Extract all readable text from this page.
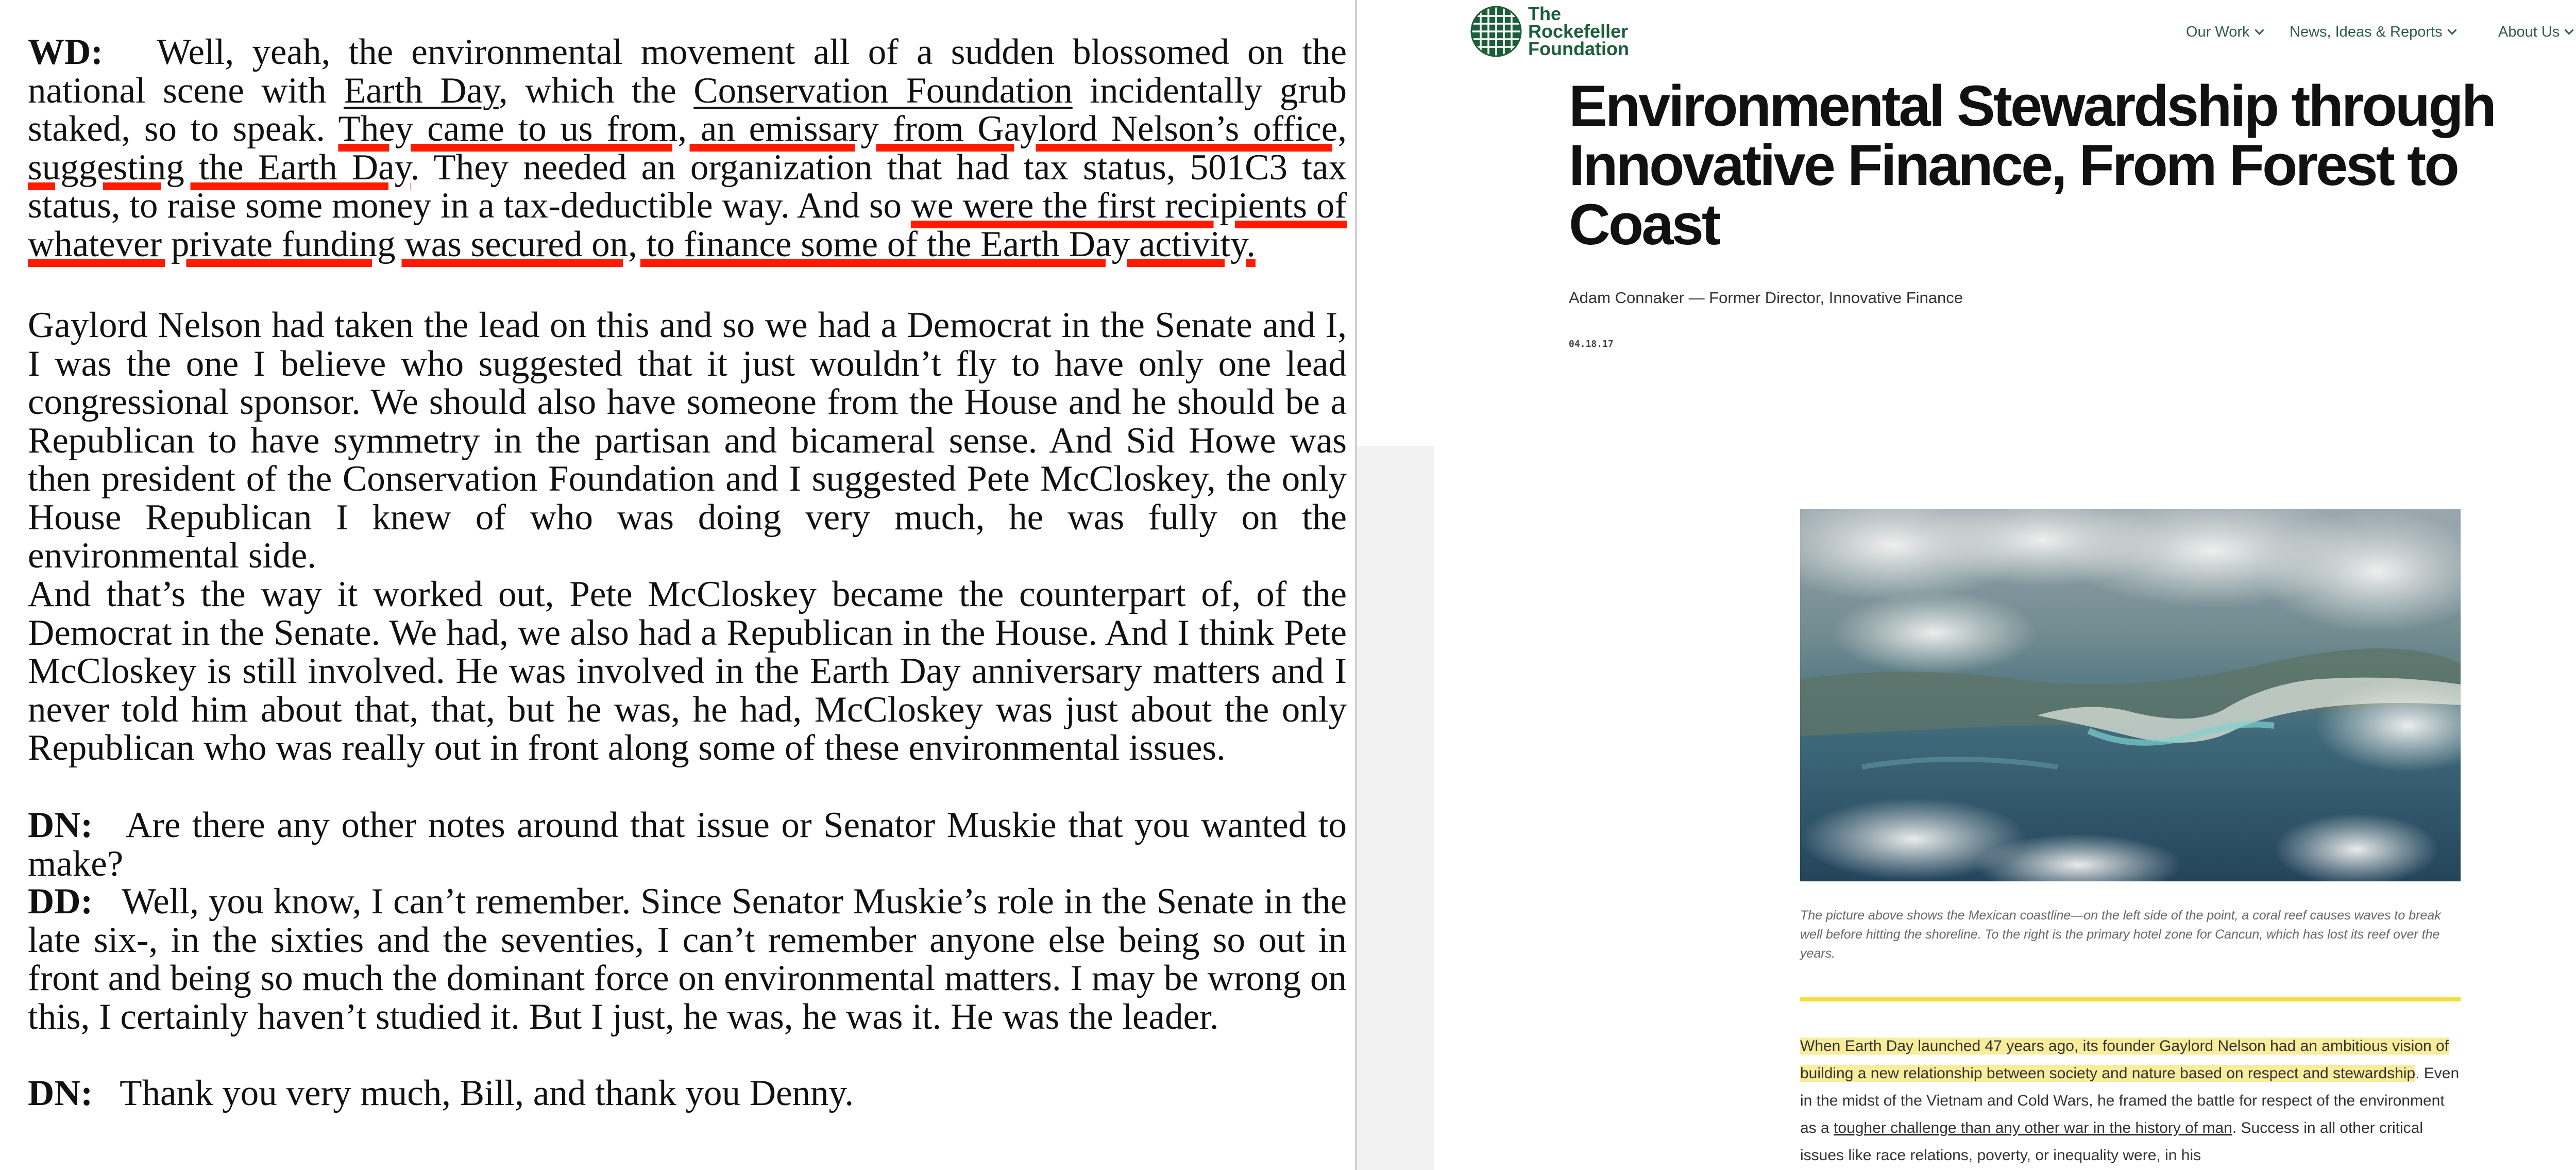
WD: Well, yeah, the environmental movement all of a sudden blossomed on the national scene with Earth Day, which the Conservation Foundation incidentally grub staked, so to speak. They came to us from, an emissary from Gaylord Nelson’s office, suggesting the Earth Day. They needed an organization that had tax status, 501C3 tax status, to raise some money in a tax-deductible way. And so we were the first recipients of whatever private funding was secured on, to finance some of the Earth Day activity.

Gaylord Nelson had taken the lead on this and so we had a Democrat in the Senate and I, I was the one I believe who suggested that it just wouldn’t fly to have only one lead congressional sponsor. We should also have someone from the House and he should be a Republican to have symmetry in the partisan and bicameral sense. And Sid Howe was then president of the Conservation Foundation and I suggested Pete McCloskey, the only House Republican I knew of who was doing very much, he was fully on the environmental side.

And that’s the way it worked out, Pete McCloskey became the counterpart of, of the Democrat in the Senate. We had, we also had a Republican in the House. And I think Pete McCloskey is still involved. He was involved in the Earth Day anniversary matters and I never told him about that, that, but he was, he had, McCloskey was just about the only Republican who was really out in front along some of these environmental issues.

DN: Are there any other notes around that issue or Senator Muskie that you wanted to make?

DD: Well, you know, I can’t remember. Since Senator Muskie’s role in the Senate in the late six-, in the sixties and the seventies, I can’t remember anyone else being so out in front and being so much the dominant force on environmental matters. I may be wrong on this, I certainly haven’t studied it. But I just, he was, he was it. He was the leader.

DN: Thank you very much, Bill, and thank you Denny.

The
Rockefeller
Foundation
Our Work	News, Ideas & Reports	About Us
Environmental Stewardship through Innovative Finance, From Forest to Coast
Adam Connaker — Former Director, Innovative Finance
04.18.17
The picture above shows the Mexican coastline—on the left side of the point, a coral reef causes waves to break well before hitting the shoreline. To the right is the primary hotel zone for Cancun, which has lost its reef over the years.
When Earth Day launched 47 years ago, its founder Gaylord Nelson had an ambitious vision of building a new relationship between society and nature based on respect and stewardship. Even in the midst of the Vietnam and Cold Wars, he framed the battle for respect of the environment as a tougher challenge than any other war in the history of man. Success in all other critical issues like race relations, poverty, or inequality were, in his
